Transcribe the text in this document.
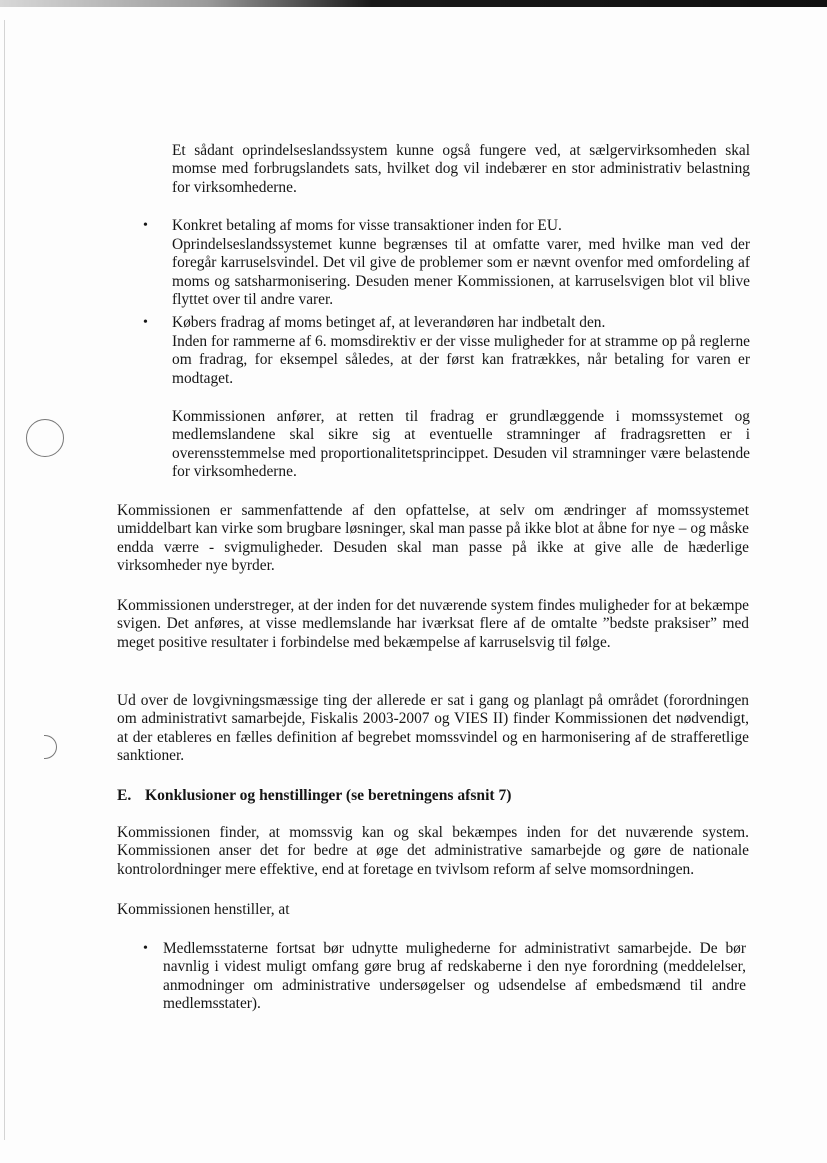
Et sådant oprindelseslandssystem kunne også fungere ved, at sælgervirksomheden skal momse med forbrugslandets sats, hvilket dog vil indebærer en stor administrativ belastning for virksomhederne.

• Konkret betaling af moms for visse transaktioner inden for EU.

Oprindelseslandssystemet kunne begrænses til at omfatte varer, med hvilke man ved der foregår karruselsvindel. Det vil give de problemer som er nævnt ovenfor med omfordeling af moms og satsharmonisering. Desuden mener Kommissionen, at karruselsvigen blot vil blive flyttet over til andre varer.

• Købers fradrag af moms betinget af, at leverandøren har indbetalt den.

Inden for rammerne af 6. momsdirektiv er der visse muligheder for at stramme op på reglerne om fradrag, for eksempel således, at der først kan fratrækkes, når betaling for varen er modtaget.

Kommissionen anfører, at retten til fradrag er grundlæggende i momssystemet og medlemslandene skal sikre sig at eventuelle stramninger af fradragsretten er i overensstemmelse med proportionalitetsprincippet. Desuden vil stramninger være belastende for virksomhederne.

Kommissionen er sammenfattende af den opfattelse, at selv om ændringer af momssystemet umiddelbart kan virke som brugbare løsninger, skal man passe på ikke blot at åbne for nye – og måske endda værre - svigmuligheder. Desuden skal man passe på ikke at give alle de hæderlige virksomheder nye byrder.

Kommissionen understreger, at der inden for det nuværende system findes muligheder for at bekæmpe svigen. Det anføres, at visse medlemslande har iværksat flere af de omtalte ”bedste praksiser” med meget positive resultater i forbindelse med bekæmpelse af karruselsvig til følge.

Ud over de lovgivningsmæssige ting der allerede er sat i gang og planlagt på området (forordningen om administrativt samarbejde, Fiskalis 2003-2007 og VIES II) finder Kommissionen det nødvendigt, at der etableres en fælles definition af begrebet momssvindel og en harmonisering af de strafferetlige sanktioner.

E. Konklusioner og henstillinger (se beretningens afsnit 7)

Kommissionen finder, at momssvig kan og skal bekæmpes inden for det nuværende system. Kommissionen anser det for bedre at øge det administrative samarbejde og gøre de nationale kontrolordninger mere effektive, end at foretage en tvivlsom reform af selve momsordningen.

Kommissionen henstiller, at

• Medlemsstaterne fortsat bør udnytte mulighederne for administrativt samarbejde. De bør navnlig i videst muligt omfang gøre brug af redskaberne i den nye forordning (meddelelser, anmodninger om administrative undersøgelser og udsendelse af embedsmænd til andre medlemsstater).
